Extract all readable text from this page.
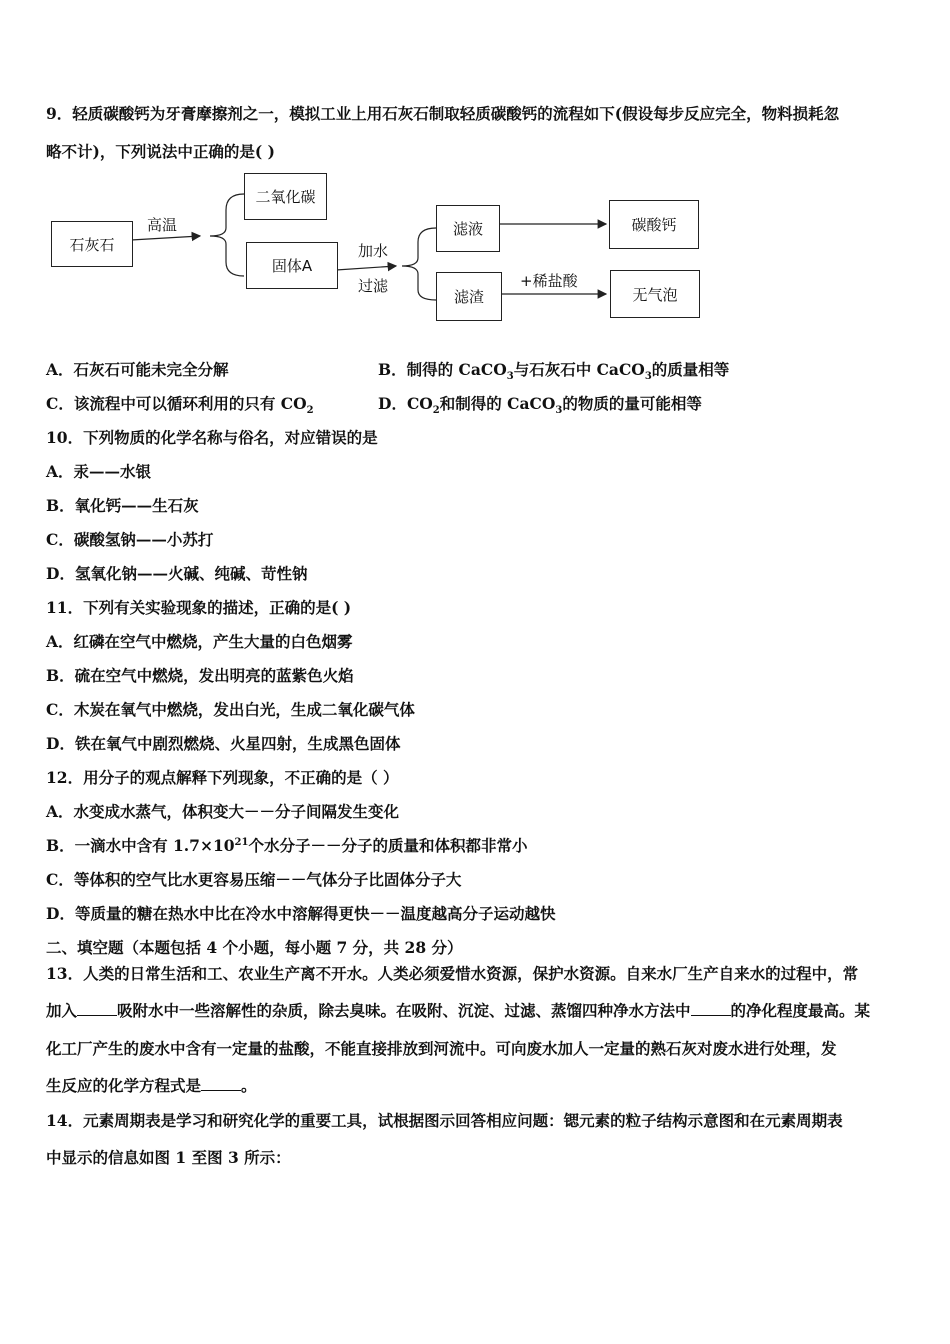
9．轻质碳酸钙为牙膏摩擦剂之一，模拟工业上用石灰石制取轻质碳酸钙的流程如下(假设每步反应完全，物料损耗忽
略不计)，下列说法中正确的是( )
石灰石
高温
二氧化碳
固体A
加水
过滤
滤液
滤渣
碳酸钙
+稀盐酸
无气泡
A．石灰石可能未完全分解	B．制得的 CaCO$_3$与石灰石中 CaCO$_3$的质量相等
C．该流程中可以循环利用的只有 $CO_2$	D．$CO_2$和制得的 CaCO$_3$的物质的量可能相等
10．下列物质的化学名称与俗名，对应错误的是
A．汞——水银
B．氧化钙——生石灰
C．碳酸氢钠——小苏打
D．氢氧化钠——火碱、纯碱、苛性钠
11．下列有关实验现象的描述，正确的是( )
A．红磷在空气中燃烧，产生大量的白色烟雾
B．硫在空气中燃烧，发出明亮的蓝紫色火焰
C．木炭在氧气中燃烧，发出白光，生成二氧化碳气体
D．铁在氧气中剧烈燃烧、火星四射，生成黑色固体
12．用分子的观点解释下列现象，不正确的是（ ）
A．水变成水蒸气，体积变大－－分子间隔发生变化
B．一滴水中含有 $1.7\times 10^{21}$个水分子－－分子的质量和体积都非常小
C．等体积的空气比水更容易压缩－－气体分子比固体分子大
D．等质量的糖在热水中比在冷水中溶解得更快－－温度越高分子运动越快
二、填空题（本题包括 4 个小题，每小题 7 分，共 28 分）
13．人类的日常生活和工、农业生产离不开水。人类必须爱惜水资源，保护水资源。自来水厂生产自来水的过程中，常
加入	吸附水中一些溶解性的杂质，除去臭味。在吸附、沉淀、过滤、蒸馏四种净水方法中	的净化程度最高。某
化工厂产生的废水中含有一定量的盐酸，不能直接排放到河流中。可向废水加人一定量的熟石灰对废水进行处理，发
生反应的化学方程式是	。
14．元素周期表是学习和研究化学的重要工具，试根据图示回答相应问题：锶元素的粒子结构示意图和在元素周期表
中显示的信息如图 1 至图 3 所示：
